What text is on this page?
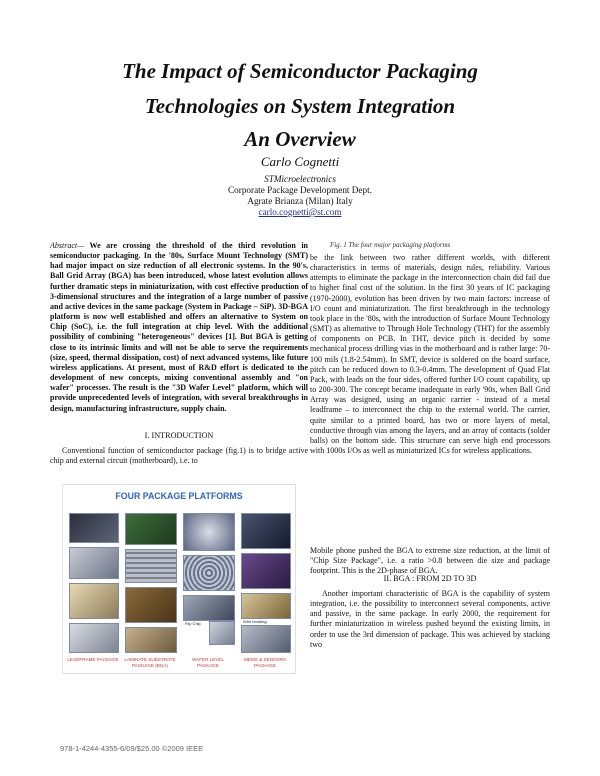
The Impact of Semiconductor Packaging
Technologies on System Integration
An Overview
Carlo Cognetti
STMicroelectronics
Corporate Package Development Dept.
Agrate Brianza (Milan) Italy
carlo.cognetti@st.com
Abstract— We are crossing the threshold of the third revolution in semiconductor packaging. In the '80s, Surface Mount Technology (SMT) had major impact on size reduction of all electronic systems. In the 90's, Ball Grid Array (BGA) has been introduced, whose latest evolution allows further dramatic steps in miniaturization, with cost effective production of 3-dimensional structures and the integration of a large number of passive and active devices in the same package (System in Package – SiP). 3D-BGA platform is now well established and offers an alternative to System on Chip (SoC), i.e. the full integration at chip level. With the additional possibility of combining "heterogeneous" devices [1]. But BGA is getting close to its intrinsic limits and will not be able to serve the requirements (size, speed, thermal dissipation, cost) of next advanced systems, like future wireless applications. At present, most of R&D effort is dedicated to the development of new concepts, mixing conventional assembly and "on wafer" processes. The result is the "3D Wafer Level" platform, which will provide unprecedented levels of integration, with several breakthroughs in design, manufacturing infrastructure, supply chain.
I. INTRODUCTION
Conventional function of semiconductor package (fig.1) is to bridge active chip and external circuit (motherboard), i.e. to
FOUR PACKAGE PLATFORMS
Flip Chip	Wire bonding
LEADFRAME PACKAGE	LAMINATE SUBSTRATE PACKAGE (BGA)
WAFER LEVEL PACKAGE
MEMS & SENSORS PACKAGE
Fig. 1 The four major packaging platforms
be the link between two rather different worlds, with different characteristics in terms of materials, design rules, reliability. Various attempts to eliminate the package in the interconnection chain did fail due to higher final cost of the solution. In the first 30 years of IC packaging (1970-2000), evolution has been driven by two main factors: increase of I/O count and miniaturization. The first breakthrough in the technology took place in the '80s, with the introduction of Surface Mount Technology (SMT) as alternative to Through Hole Technology (THT) for the assembly of components on PCB. In THT, device pitch is decided by some mechanical process drilling vias in the motherboard and is rather large: 70-100 mils (1.8-2.54mm). In SMT, device is soldered on the board surface, pitch can be reduced down to 0.3-0.4mm. The development of Quad Flat Pack, with leads on the four sides, offered further I/O count capability, up to 200-300. The concept became inadequate in early '90s, when Ball Grid Array was designed, using an organic carrier - instead of a metal leadframe – to interconnect the chip to the external world. The carrier, quite similar to a printed board, has two or more layers of metal, conductive through vias among the layers, and an array of contacts (solder balls) on the bottom side. This structure can serve high end processors with 1000s I/Os as well as miniaturized ICs for wireless applications.
Mobile phone pushed the BGA to extreme size reduction, at the limit of "Chip Size Package", i.e. a ratio >0.8 between die size and package footprint. This is the 2D-phase of BGA.
II. BGA : FROM 2D TO 3D
Another important characteristic of BGA is the capability of system integration, i.e. the possibility to interconnect several components, active and passive, in the same package. In early 2000, the requirement for further miniaturization in wireless pushed beyond the existing limits, in order to use the 3rd dimension of package. This was achieved by stacking two
978-1-4244-4355-6/09/$25.00 ©2009 IEEE
